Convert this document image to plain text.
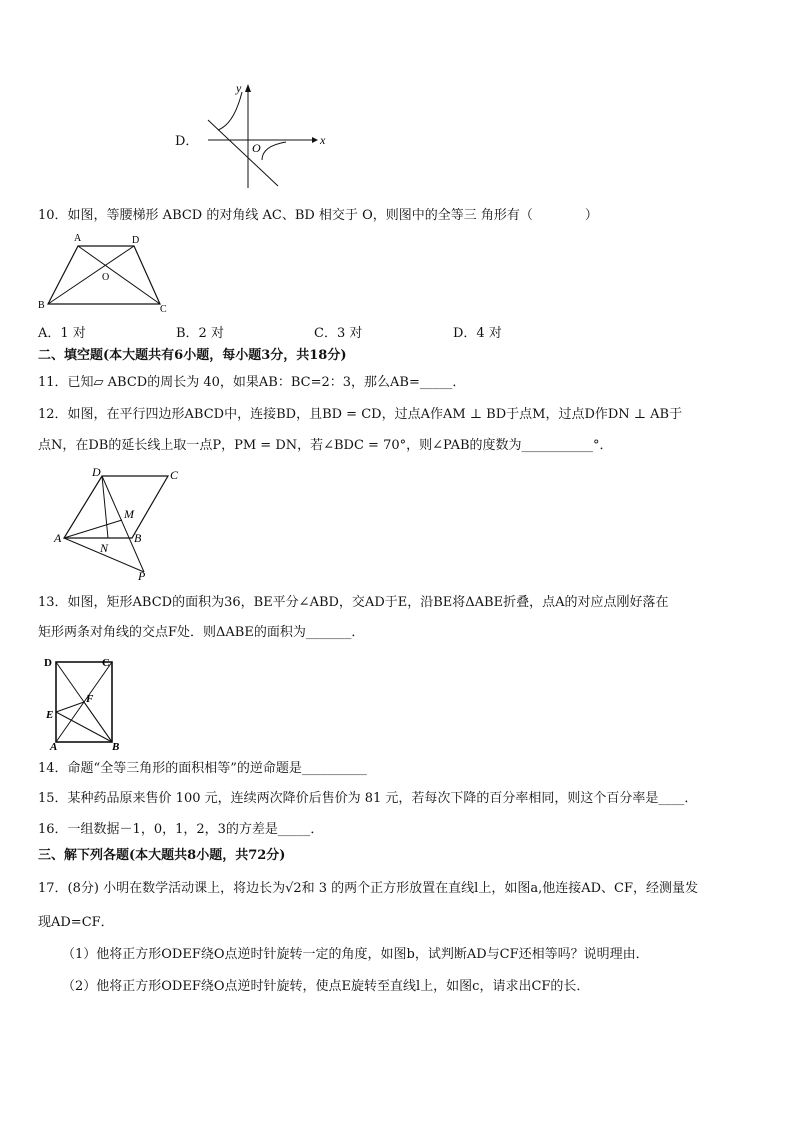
D．	x
y
O
10．如图，等腰梯形 ABCD 的对角线 AC、BD 相交于 O，则图中的全等三 角形有（　　　　）
A	D
O
B	C
A．1 对	B．2 对	C．3 对	D．4 对
二、填空题(本大题共有6小题，每小题3分，共18分)
11．已知▱ ABCD的周长为 40，如果AB：BC=2：3，那么AB=_____．
12．如图，在平行四边形ABCD中，连接BD，且BD = CD，过点A作AM ⊥ BD于点M，过点D作DN ⊥ AB于
点N，在DB的延长线上取一点P，PM = DN，若∠BDC = 70°，则∠PAB的度数为___________°．
D	C
M
A
N
B
P
13．如图，矩形ABCD的面积为36，BE平分∠ABD，交AD于E，沿BE将ΔABE折叠，点A的对应点刚好落在
矩形两条对角线的交点F处．则ΔABE的面积为_______．
D	C
F
E
A	B
14．命题“全等三角形的面积相等”的逆命题是__________
15．某种药品原来售价 100 元，连续两次降价后售价为 81 元，若每次下降的百分率相同，则这个百分率是____．
16．一组数据－1，0，1，2，3的方差是_____．
三、解下列各题(本大题共8小题，共72分)
17．(8分) 小明在数学活动课上，将边长为√2和 3 的两个正方形放置在直线l上，如图a,他连接AD、CF，经测量发
现AD=CF．
（1）他将正方形ODEF绕O点逆时针旋转一定的角度，如图b，试判断AD与CF还相等吗？说明理由．
（2）他将正方形ODEF绕O点逆时针旋转，使点E旋转至直线l上，如图c，请求出CF的长．
